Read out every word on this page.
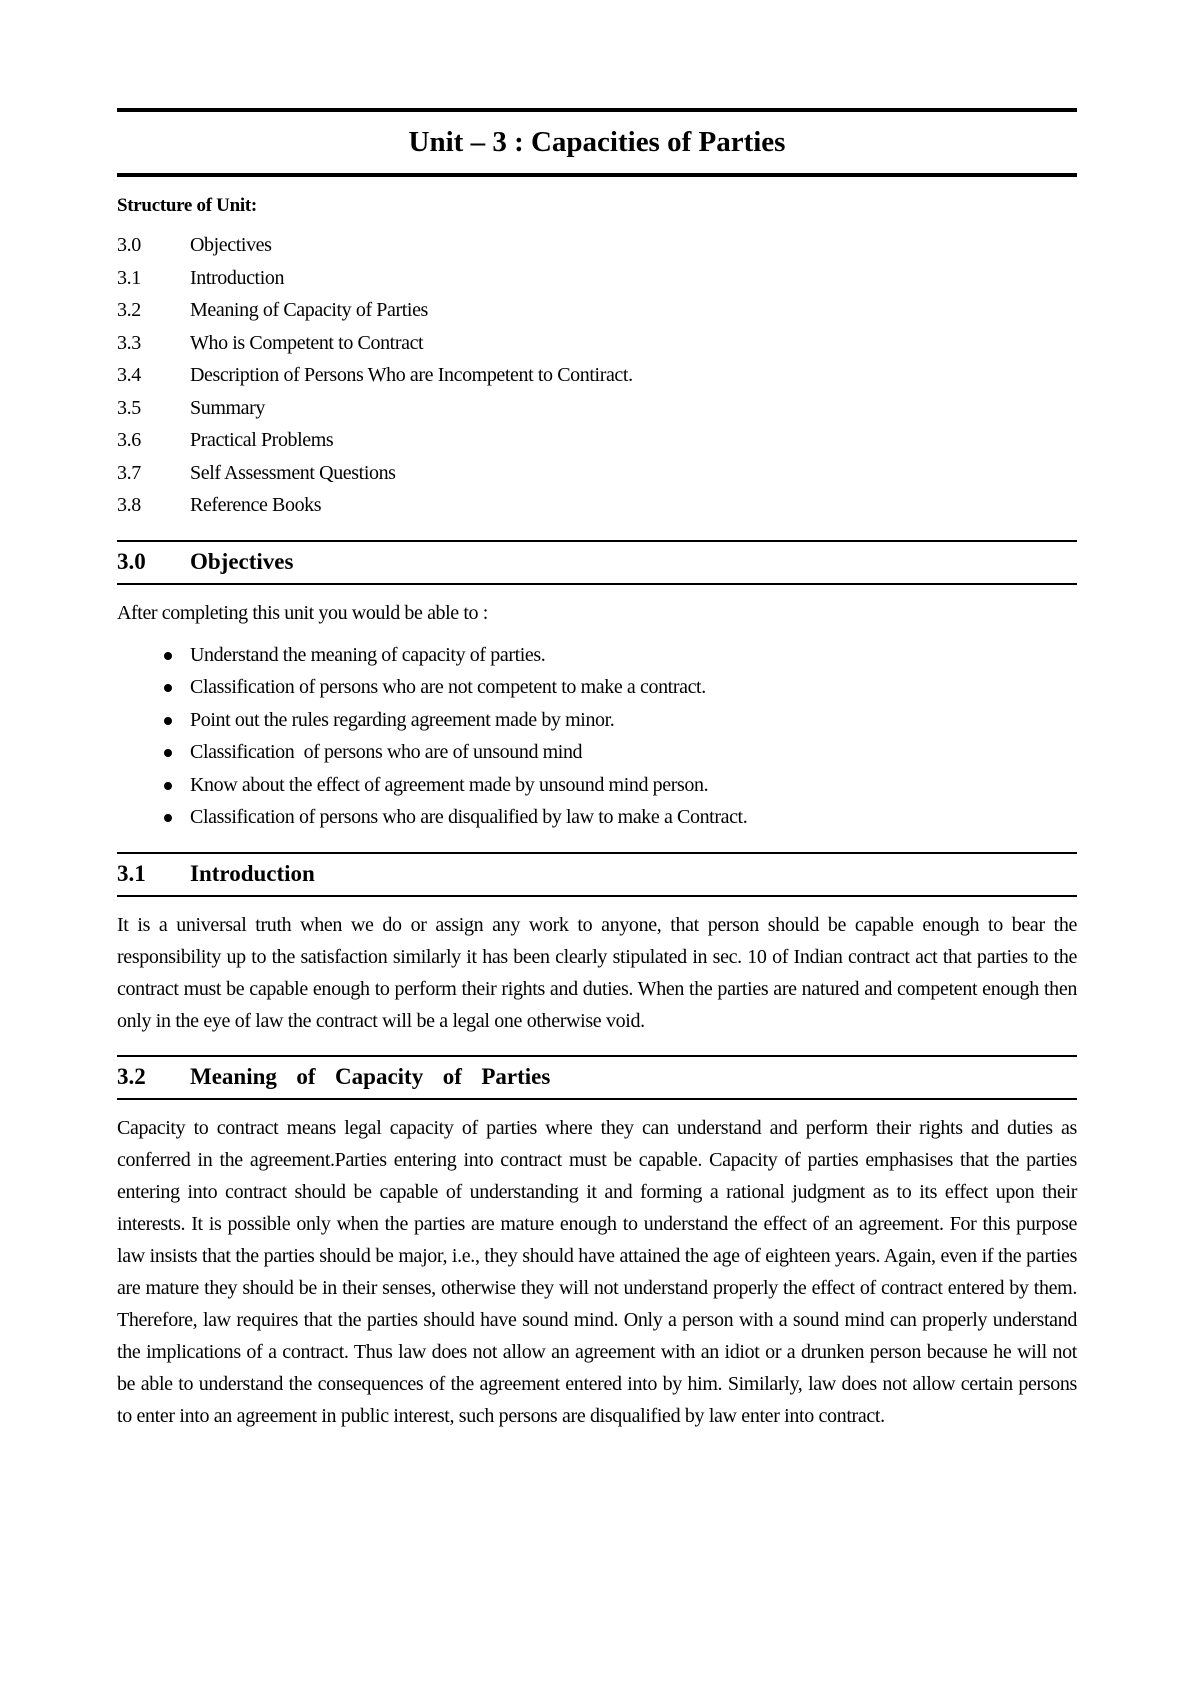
Unit – 3 : Capacities of Parties
Structure of Unit:
3.0	Objectives
3.1	Introduction
3.2	Meaning of Capacity of Parties
3.3	Who is Competent to Contract
3.4	Description of Persons Who are Incompetent to Contiract.
3.5	Summary
3.6	Practical Problems
3.7	Self Assessment Questions
3.8	Reference Books
3.0	Objectives
After completing this unit you would be able to :
Understand the meaning of capacity of parties.
Classification of persons who are not competent to make a contract.
Point out the rules regarding agreement made by minor.
Classification  of persons who are of unsound mind
Know about the effect of agreement made by unsound mind person.
Classification of persons who are disqualified by law to make a Contract.
3.1	Introduction

It is a universal truth when we do or assign any work to anyone, that person should be capable enough to bear the responsibility up to the satisfaction similarly it has been clearly stipulated in sec. 10 of Indian contract act that parties to the contract must be capable enough to perform their rights and duties. When the parties are natured and competent enough then only in the eye of law the contract will be a legal one otherwise void.

3.2	Meaning  of  Capacity  of  Parties

Capacity to contract means legal capacity of parties where they can understand and perform their rights and duties as conferred in the agreement.Parties entering into contract must be capable. Capacity of parties emphasises that the parties entering into contract should be capable of understanding it and forming a rational judgment as to its effect upon their interests. It is possible only when the parties are mature enough to understand the effect of an agreement. For this purpose law insists that the parties should be major, i.e., they should have attained the age of eighteen years. Again, even if the parties are mature they should be in their senses, otherwise they will not understand properly the effect of contract entered by them. Therefore, law requires that the parties should have sound mind. Only a person with a sound mind can properly understand the implications of a contract. Thus law does not allow an agreement with an idiot or a drunken person because he will not be able to understand the consequences of the agreement entered into by him. Similarly, law does not allow certain persons to enter into an agreement in public interest, such persons are disqualified by law enter into contract.
